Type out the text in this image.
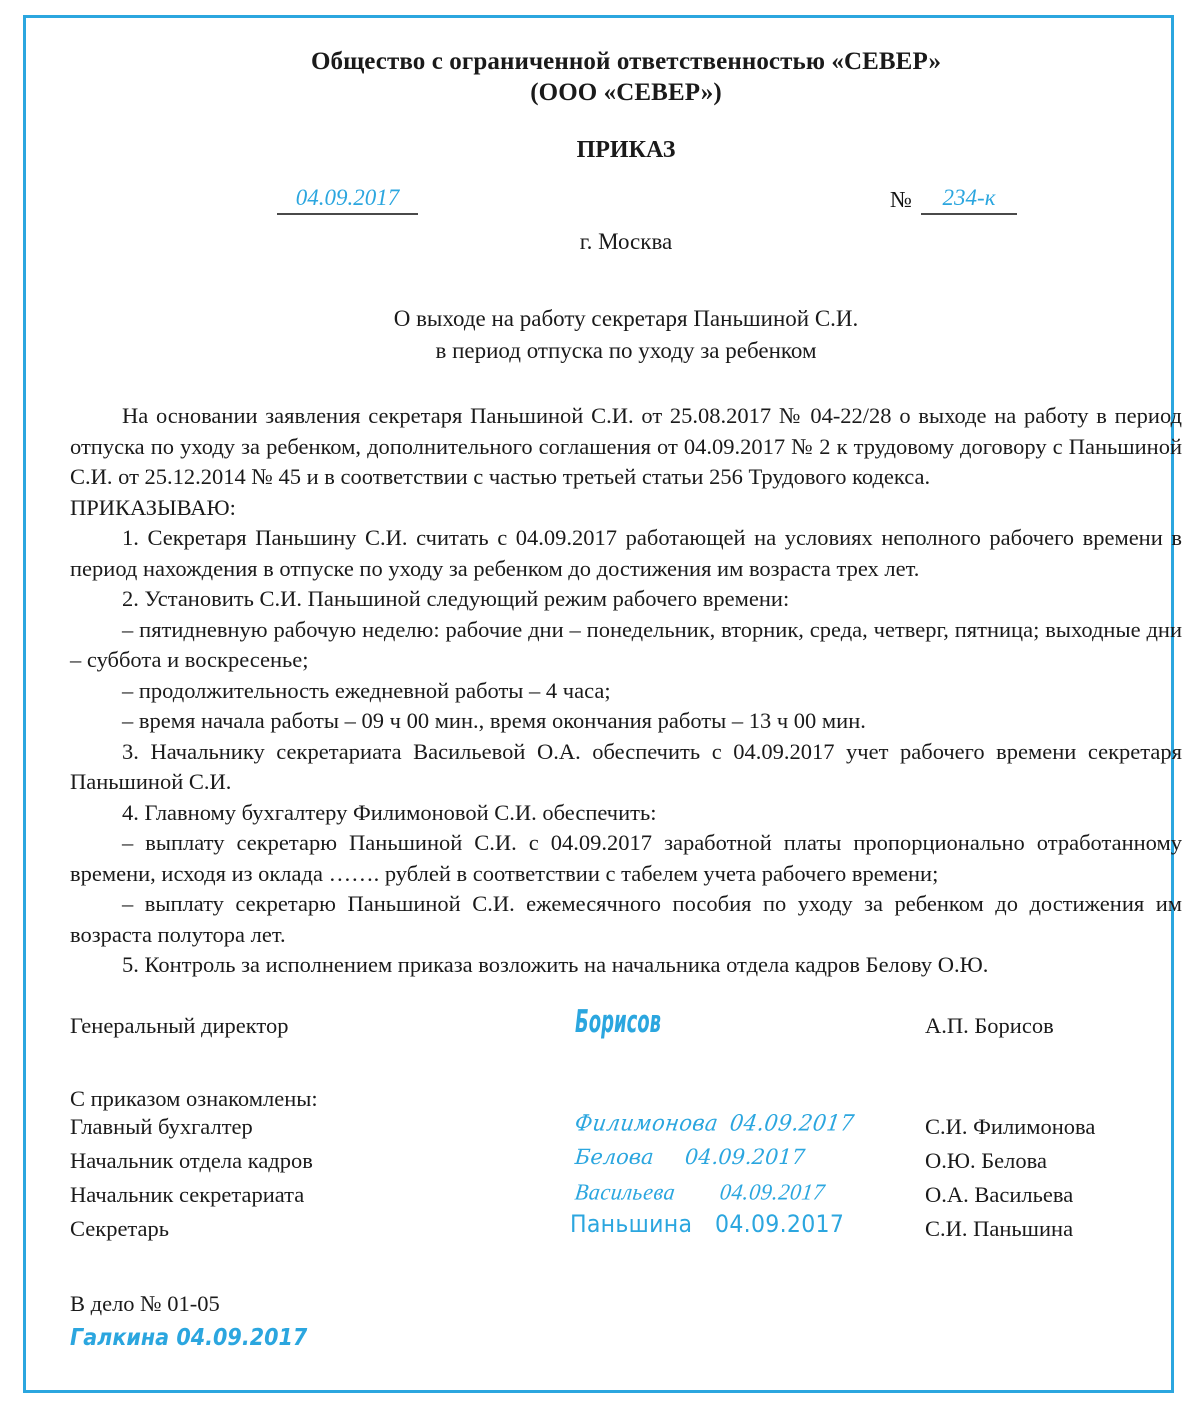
Общество с ограниченной ответственностью «СЕВЕР»
(ООО «СЕВЕР»)
ПРИКАЗ
04.09.2017	№	234-к
г. Москва
О выходе на работу секретаря Паньшиной С.И.
в период отпуска по уходу за ребенком

На основании заявления секретаря Паньшиной С.И. от 25.08.2017 № 04-22/28 о выходе на работу в период отпуска по уходу за ребенком, дополнительного соглашения от 04.09.2017 № 2 к трудовому договору с Паньшиной С.И. от 25.12.2014 № 45 и в соответствии с частью третьей статьи 256 Трудового кодекса.

ПРИКАЗЫВАЮ:

1. Секретаря Паньшину С.И. считать с 04.09.2017 работающей на условиях неполного рабочего времени в период нахождения в отпуске по уходу за ребенком до достижения им возраста трех лет.

2. Установить С.И. Паньшиной следующий режим рабочего времени:

– пятидневную рабочую неделю: рабочие дни – понедельник, вторник, среда, четверг, пятница; выходные дни – суббота и воскресенье;

– продолжительность ежедневной работы – 4 часа;

– время начала работы – 09 ч 00 мин., время окончания работы – 13 ч 00 мин.

3. Начальнику секретариата Васильевой О.А. обеспечить с 04.09.2017 учет рабочего времени секретаря Паньшиной С.И.

4. Главному бухгалтеру Филимоновой С.И. обеспечить:

– выплату секретарю Паньшиной С.И. с 04.09.2017 заработной платы пропорционально отработанному времени, исходя из оклада ……. рублей в соответствии с табелем учета рабочего времени;

– выплату секретарю Паньшиной С.И. ежемесячного пособия по уходу за ребенком до достижения им возраста полутора лет.

5. Контроль за исполнением приказа возложить на начальника отдела кадров Белову О.Ю.

Генеральный директор	Борисов	А.П. Борисов
С приказом ознакомлены:
Главный бухгалтер	Филимонова 04.09.2017	С.И. Филимонова
Начальник отдела кадров	Белова 04.09.2017	О.Ю. Белова
Начальник секретариата	Васильева 04.09.2017	О.А. Васильева
Секретарь	Паньшина 04.09.2017	С.И. Паньшина
В дело № 01-05
Галкина 04.09.2017
